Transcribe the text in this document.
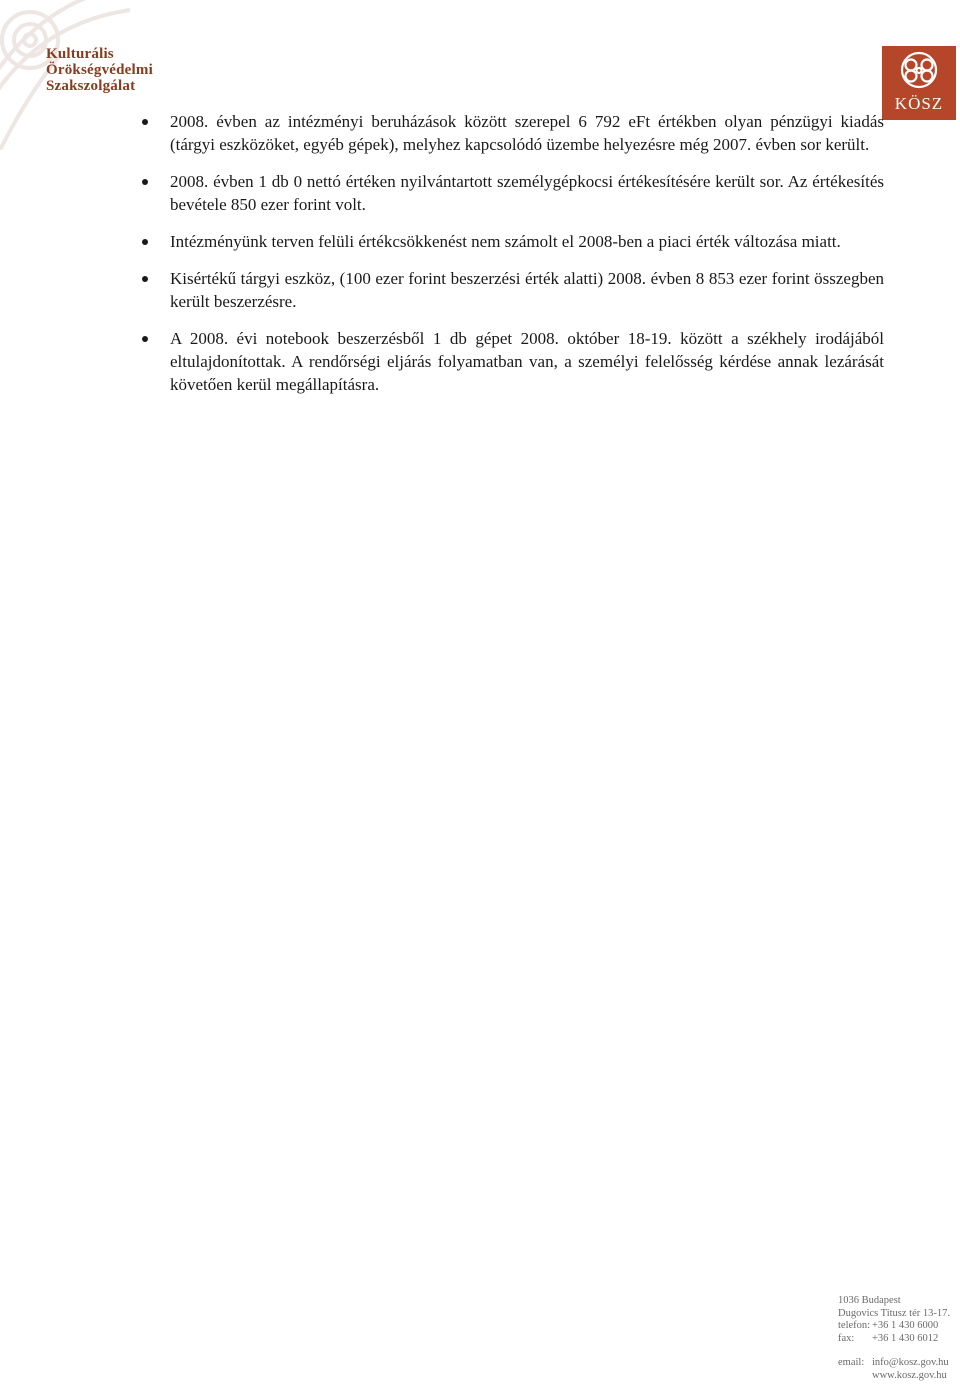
Kulturális
Örökségvédelmi
Szakszolgálat
KÖSZ
2008. évben az intézményi beruházások között szerepel 6 792 eFt értékben olyan pénzügyi kiadás (tárgyi eszközöket, egyéb gépek), melyhez kapcsolódó üzembe helyezésre még 2007. évben sor került.
2008. évben 1 db 0 nettó értéken nyilvántartott személygépkocsi értékesítésére került sor. Az értékesítés bevétele 850 ezer forint volt.
Intézményünk terven felüli értékcsökkenést nem számolt el 2008-ben a piaci érték változása miatt.
Kisértékű tárgyi eszköz, (100 ezer forint beszerzési érték alatti) 2008. évben 8 853 ezer forint összegben került beszerzésre.
A 2008. évi notebook beszerzésből 1 db gépet 2008. október 18-19. között a székhely irodájából eltulajdonítottak. A rendőrségi eljárás folyamatban van, a személyi felelősség kérdése annak lezárását követően kerül megállapításra.
1036 Budapest
Dugovics Titusz tér 13-17.
telefon: +36 1 430 6000
fax:	+36 1 430 6012
email: info@kosz.gov.hu
www.kosz.gov.hu
